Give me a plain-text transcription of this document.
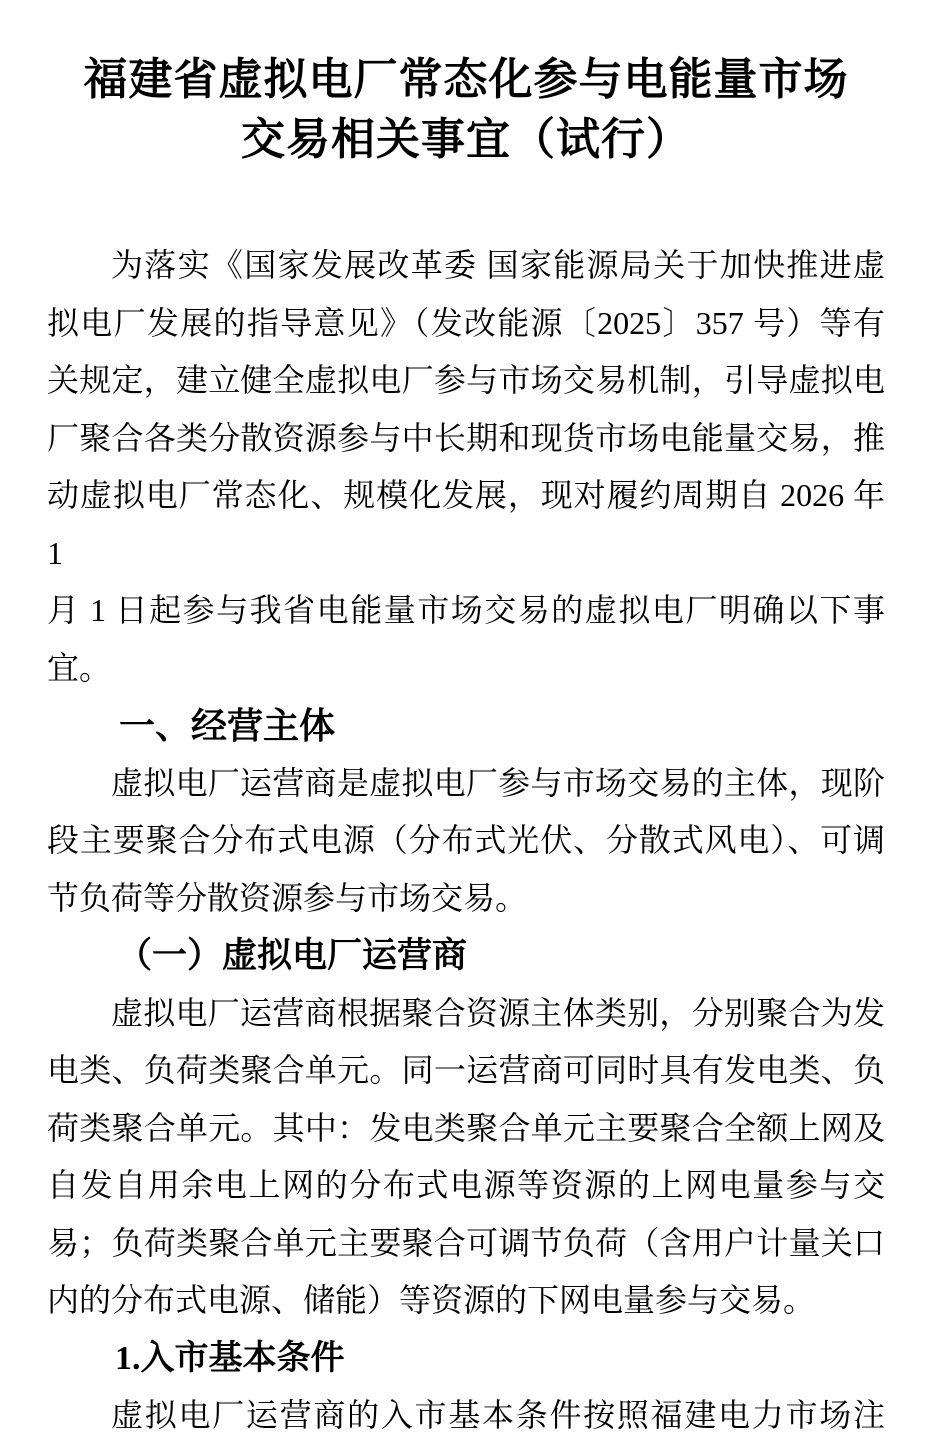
福建省虚拟电厂常态化参与电能量市场
交易相关事宜（试行）
为落实《国家发展改革委 国家能源局关于加快推进虚
拟电厂发展的指导意见》（发改能源〔2025〕357 号）等有
关规定，建立健全虚拟电厂参与市场交易机制，引导虚拟电
厂聚合各类分散资源参与中长期和现货市场电能量交易，推
动虚拟电厂常态化、规模化发展，现对履约周期自 2026 年 1
月 1 日起参与我省电能量市场交易的虚拟电厂明确以下事宜。
一、经营主体
虚拟电厂运营商是虚拟电厂参与市场交易的主体，现阶
段主要聚合分布式电源（分布式光伏、分散式风电）、可调
节负荷等分散资源参与市场交易。
（一）虚拟电厂运营商
虚拟电厂运营商根据聚合资源主体类别，分别聚合为发
电类、负荷类聚合单元。同一运营商可同时具有发电类、负
荷类聚合单元。其中：发电类聚合单元主要聚合全额上网及
自发自用余电上网的分布式电源等资源的上网电量参与交
易；负荷类聚合单元主要聚合可调节负荷（含用户计量关口
内的分布式电源、储能）等资源的下网电量参与交易。
1.入市基本条件
虚拟电厂运营商的入市基本条件按照福建电力市场注
